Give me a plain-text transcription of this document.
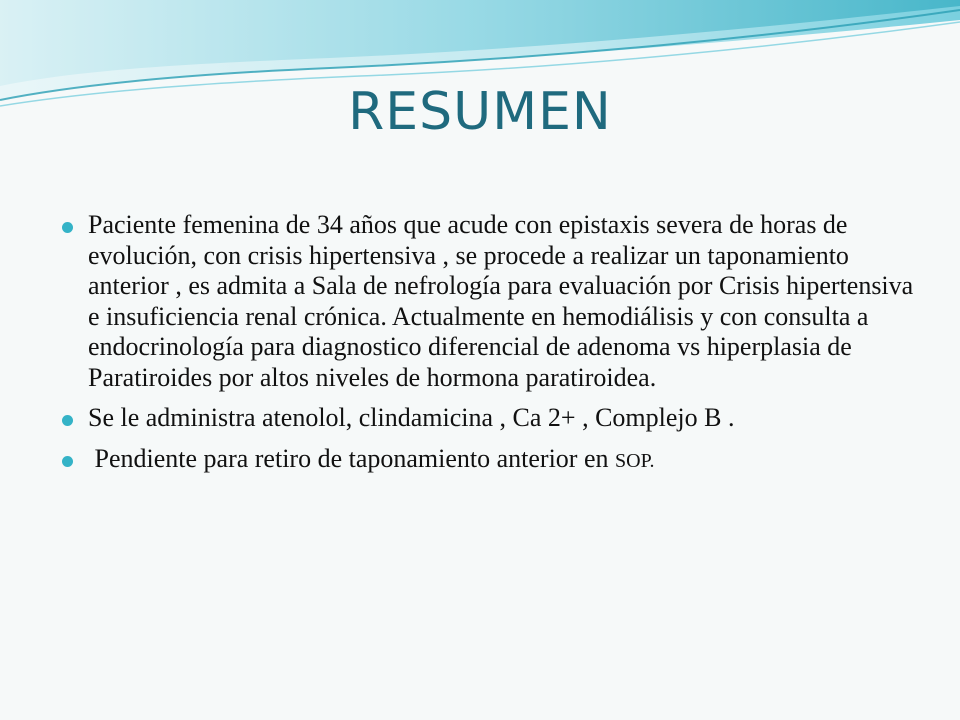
RESUMEN
Paciente femenina de 34 años que acude con epistaxis severa de horas de evolución, con crisis hipertensiva , se procede a realizar un taponamiento anterior , es admita a Sala de nefrología para evaluación por Crisis hipertensiva e insuficiencia renal crónica. Actualmente en hemodiálisis y con consulta a endocrinología para diagnostico diferencial de adenoma vs hiperplasia de Paratiroides por altos niveles de hormona paratiroidea.
Se le administra atenolol, clindamicina , Ca 2+ , Complejo B .
Pendiente para retiro de taponamiento anterior en SOP.
